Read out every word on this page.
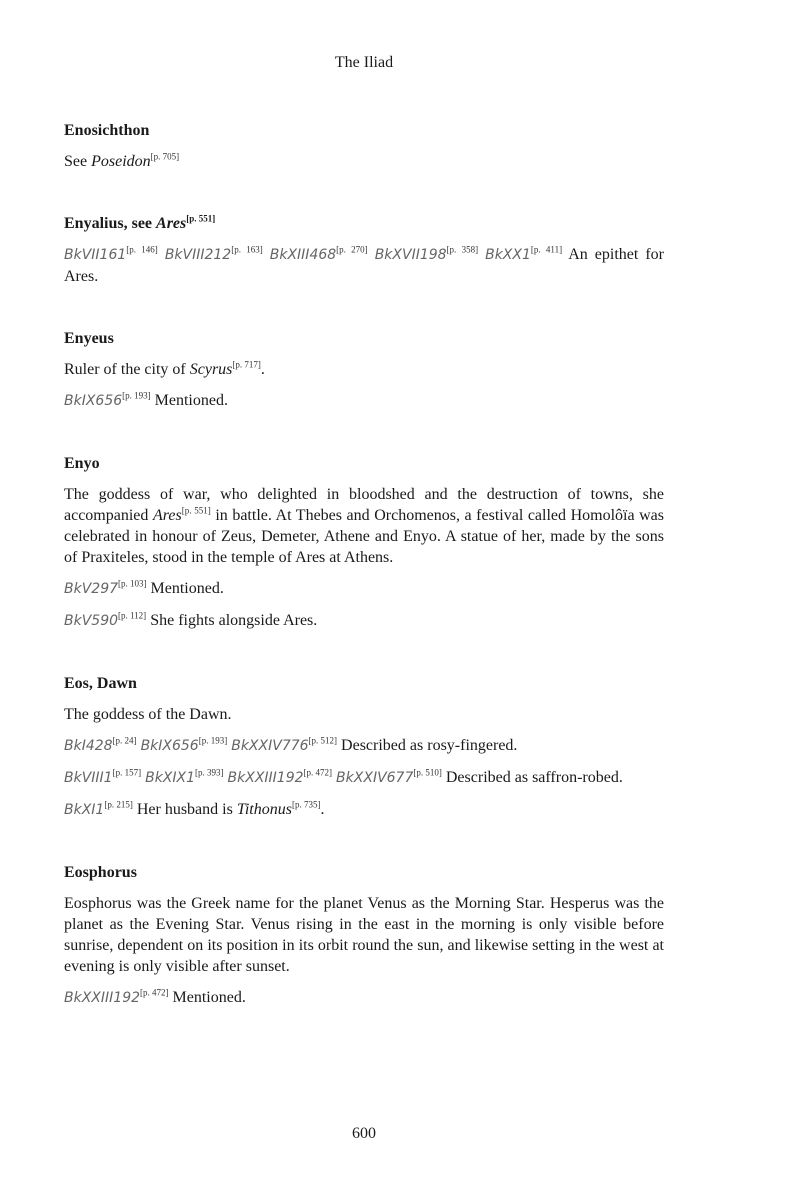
The Iliad
Enosichthon

See Poseidon[p. 705]

Enyalius, see Ares[p. 551]

BkVII161[p. 146] BkVIII212[p. 163] BkXIII468[p. 270] BkXVII198[p. 358] BkXX1[p. 411] An epithet for Ares.

Enyeus

Ruler of the city of Scyrus[p. 717].

BkIX656[p. 193] Mentioned.

Enyo

The goddess of war, who delighted in bloodshed and the destruction of towns, she accompanied Ares[p. 551] in battle. At Thebes and Orchomenos, a festival called Homolôïa was celebrated in honour of Zeus, Demeter, Athene and Enyo. A statue of her, made by the sons of Praxiteles, stood in the temple of Ares at Athens.

BkV297[p. 103] Mentioned.

BkV590[p. 112] She fights alongside Ares.

Eos, Dawn

The goddess of the Dawn.

BkI428[p. 24] BkIX656[p. 193] BkXXIV776[p. 512] Described as rosy-fingered.

BkVIII1[p. 157] BkXIX1[p. 393] BkXXIII192[p. 472] BkXXIV677[p. 510] Described as saffron-robed.

BkXI1[p. 215] Her husband is Tithonus[p. 735].

Eosphorus

Eosphorus was the Greek name for the planet Venus as the Morning Star. Hesperus was the planet as the Evening Star. Venus rising in the east in the morning is only visible before sunrise, dependent on its position in its orbit round the sun, and likewise setting in the west at evening is only visible after sunset.

BkXXIII192[p. 472] Mentioned.

600
